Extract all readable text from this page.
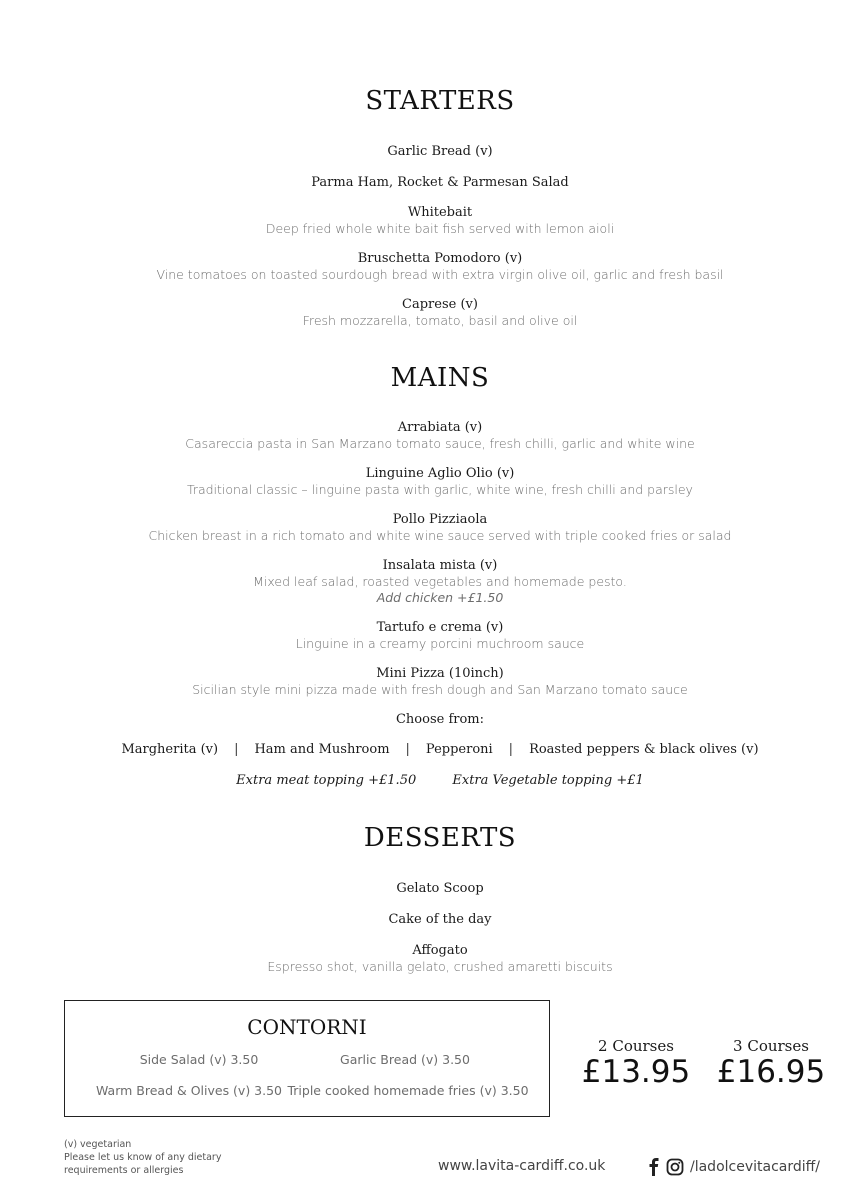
STARTERS
Garlic Bread (v)
Parma Ham, Rocket & Parmesan Salad
Whitebait
Deep fried whole white bait fish served with lemon aioli
Bruschetta Pomodoro (v)
Vine tomatoes on toasted sourdough bread with extra virgin olive oil, garlic and fresh basil
Caprese (v)
Fresh mozzarella, tomato, basil and olive oil
MAINS
Arrabiata (v)
Casareccia pasta in San Marzano tomato sauce, fresh chilli, garlic and white wine
Linguine Aglio Olio (v)
Traditional classic – linguine pasta with garlic, white wine, fresh chilli and parsley
Pollo Pizziaola
Chicken breast in a rich tomato and white wine sauce served with triple cooked fries or salad
Insalata mista (v)
Mixed leaf salad, roasted vegetables and homemade pesto.
Add chicken +£1.50
Tartufo e crema (v)
Linguine in a creamy porcini muchroom sauce
Mini Pizza (10inch)
Sicilian style mini pizza made with fresh dough and San Marzano tomato sauce
Choose from:
Margherita (v) | Ham and Mushroom | Pepperoni | Roasted peppers & black olives (v)
Extra meat topping +£1.50	Extra Vegetable topping +£1
DESSERTS
Gelato Scoop
Cake of the day
Affogato
Espresso shot, vanilla gelato, crushed amaretti biscuits
CONTORNI
Side Salad (v) 3.50	Garlic Bread (v) 3.50
Warm Bread & Olives (v) 3.50 Triple cooked homemade fries (v) 3.50
2 Courses
£13.95
3 Courses
£16.95
(v) vegetarian
Please let us know of any dietary
requirements or allergies	www.lavita-cardiff.co.uk	/ladolcevitacardiff/
